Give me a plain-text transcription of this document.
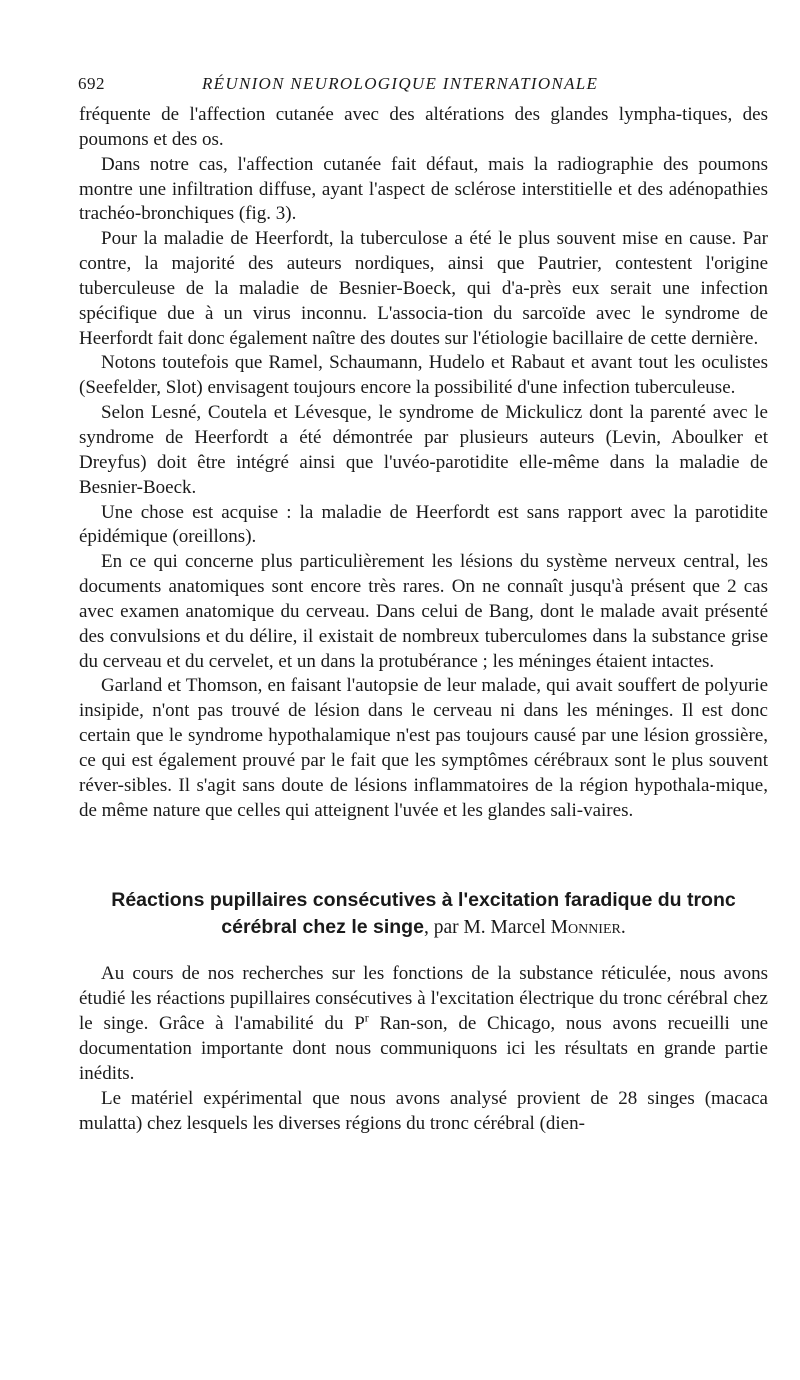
692	RÉUNION NEUROLOGIQUE INTERNATIONALE

fréquente de l'affection cutanée avec des altérations des glandes lympha-tiques, des poumons et des os.

Dans notre cas, l'affection cutanée fait défaut, mais la radiographie des poumons montre une infiltration diffuse, ayant l'aspect de sclérose interstitielle et des adénopathies trachéo-bronchiques (fig. 3).

Pour la maladie de Heerfordt, la tuberculose a été le plus souvent mise en cause. Par contre, la majorité des auteurs nordiques, ainsi que Pautrier, contestent l'origine tuberculeuse de la maladie de Besnier-Boeck, qui d'a-près eux serait une infection spécifique due à un virus inconnu. L'associa-tion du sarcoïde avec le syndrome de Heerfordt fait donc également naître des doutes sur l'étiologie bacillaire de cette dernière.

Notons toutefois que Ramel, Schaumann, Hudelo et Rabaut et avant tout les oculistes (Seefelder, Slot) envisagent toujours encore la possibilité d'une infection tuberculeuse.

Selon Lesné, Coutela et Lévesque, le syndrome de Mickulicz dont la parenté avec le syndrome de Heerfordt a été démontrée par plusieurs auteurs (Levin, Aboulker et Dreyfus) doit être intégré ainsi que l'uvéo-parotidite elle-même dans la maladie de Besnier-Boeck.

Une chose est acquise : la maladie de Heerfordt est sans rapport avec la parotidite épidémique (oreillons).

En ce qui concerne plus particulièrement les lésions du système nerveux central, les documents anatomiques sont encore très rares. On ne connaît jusqu'à présent que 2 cas avec examen anatomique du cerveau. Dans celui de Bang, dont le malade avait présenté des convulsions et du délire, il existait de nombreux tuberculomes dans la substance grise du cerveau et du cervelet, et un dans la protubérance ; les méninges étaient intactes.

Garland et Thomson, en faisant l'autopsie de leur malade, qui avait souffert de polyurie insipide, n'ont pas trouvé de lésion dans le cerveau ni dans les méninges. Il est donc certain que le syndrome hypothalamique n'est pas toujours causé par une lésion grossière, ce qui est également prouvé par le fait que les symptômes cérébraux sont le plus souvent réver-sibles. Il s'agit sans doute de lésions inflammatoires de la région hypothala-mique, de même nature que celles qui atteignent l'uvée et les glandes sali-vaires.

Réactions pupillaires consécutives à l'excitation faradique du tronc cérébral chez le singe, par M. Marcel Monnier.

Au cours de nos recherches sur les fonctions de la substance réticulée, nous avons étudié les réactions pupillaires consécutives à l'excitation électrique du tronc cérébral chez le singe. Grâce à l'amabilité du $P^r$ Ran-son, de Chicago, nous avons recueilli une documentation importante dont nous communiquons ici les résultats en grande partie inédits.

Le matériel expérimental que nous avons analysé provient de 28 singes (macaca mulatta) chez lesquels les diverses régions du tronc cérébral (dien-
